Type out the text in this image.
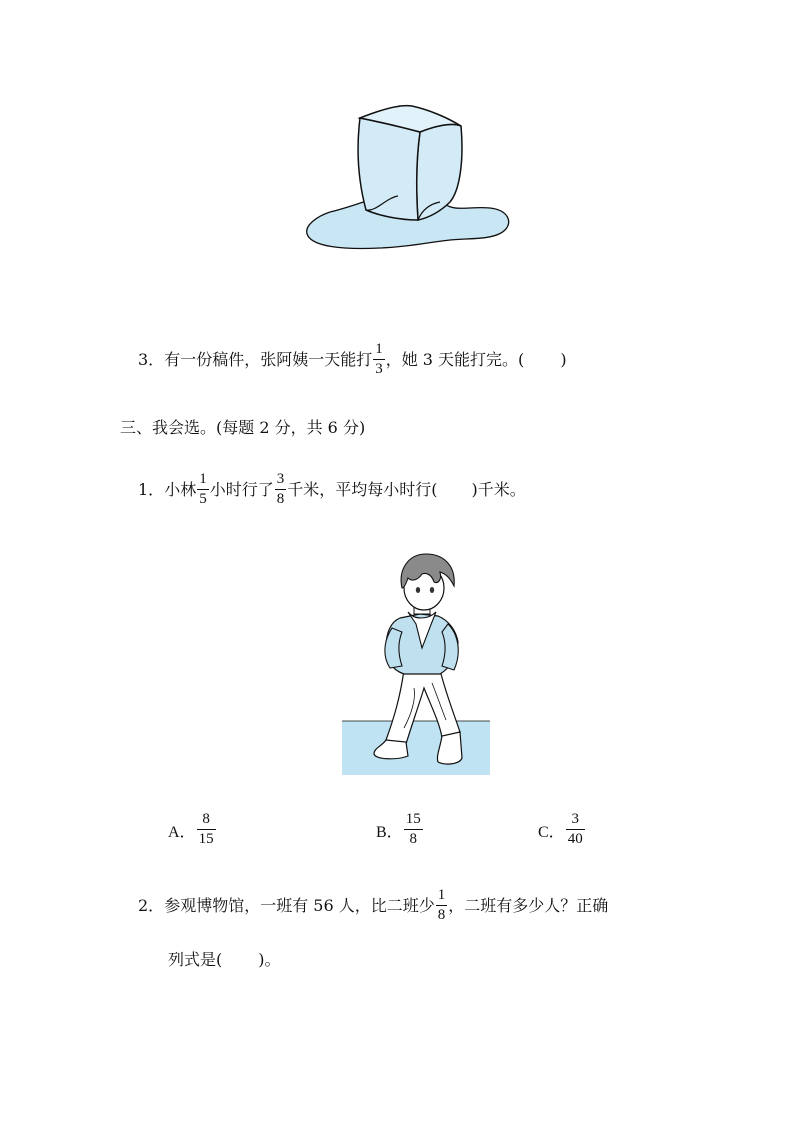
3．有一份稿件，张阿姨一天能打 $\frac{1}{3}$ ，她 3 天能打完。( )
三、我会选。(每题 2 分，共 6 分)
1．小林 $\frac{1}{5}$ 小时行了 $\frac{3}{8}$ 千米，平均每小时行( )千米。
A． $\frac{8}{15}$	B． $\frac{15}{8}$	C． $\frac{3}{40}$
2．参观博物馆，一班有 56 人，比二班少 $\frac{1}{8}$ ，二班有多少人？正确
列式是( )。
